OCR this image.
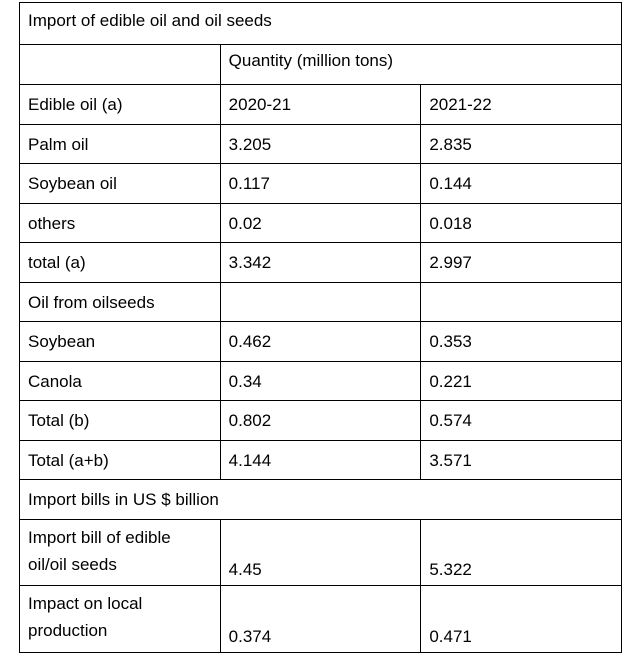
Import of edible oil and oil seeds		
	Quantity (million tons)	
Edible oil (a)	2020-21	2021-22
Palm oil	3.205	2.835
Soybean oil	0.117	0.144
others	0.02	0.018
total (a)	3.342	2.997
Oil from oilseeds		
Soybean	0.462	0.353
Canola	0.34	0.221
Total (b)	0.802	0.574
Total (a+b)	4.144	3.571
Import bills in US $ billion		
Import bill of edible oil/oil seeds	4.45	5.322
Impact on local production	0.374	0.471
